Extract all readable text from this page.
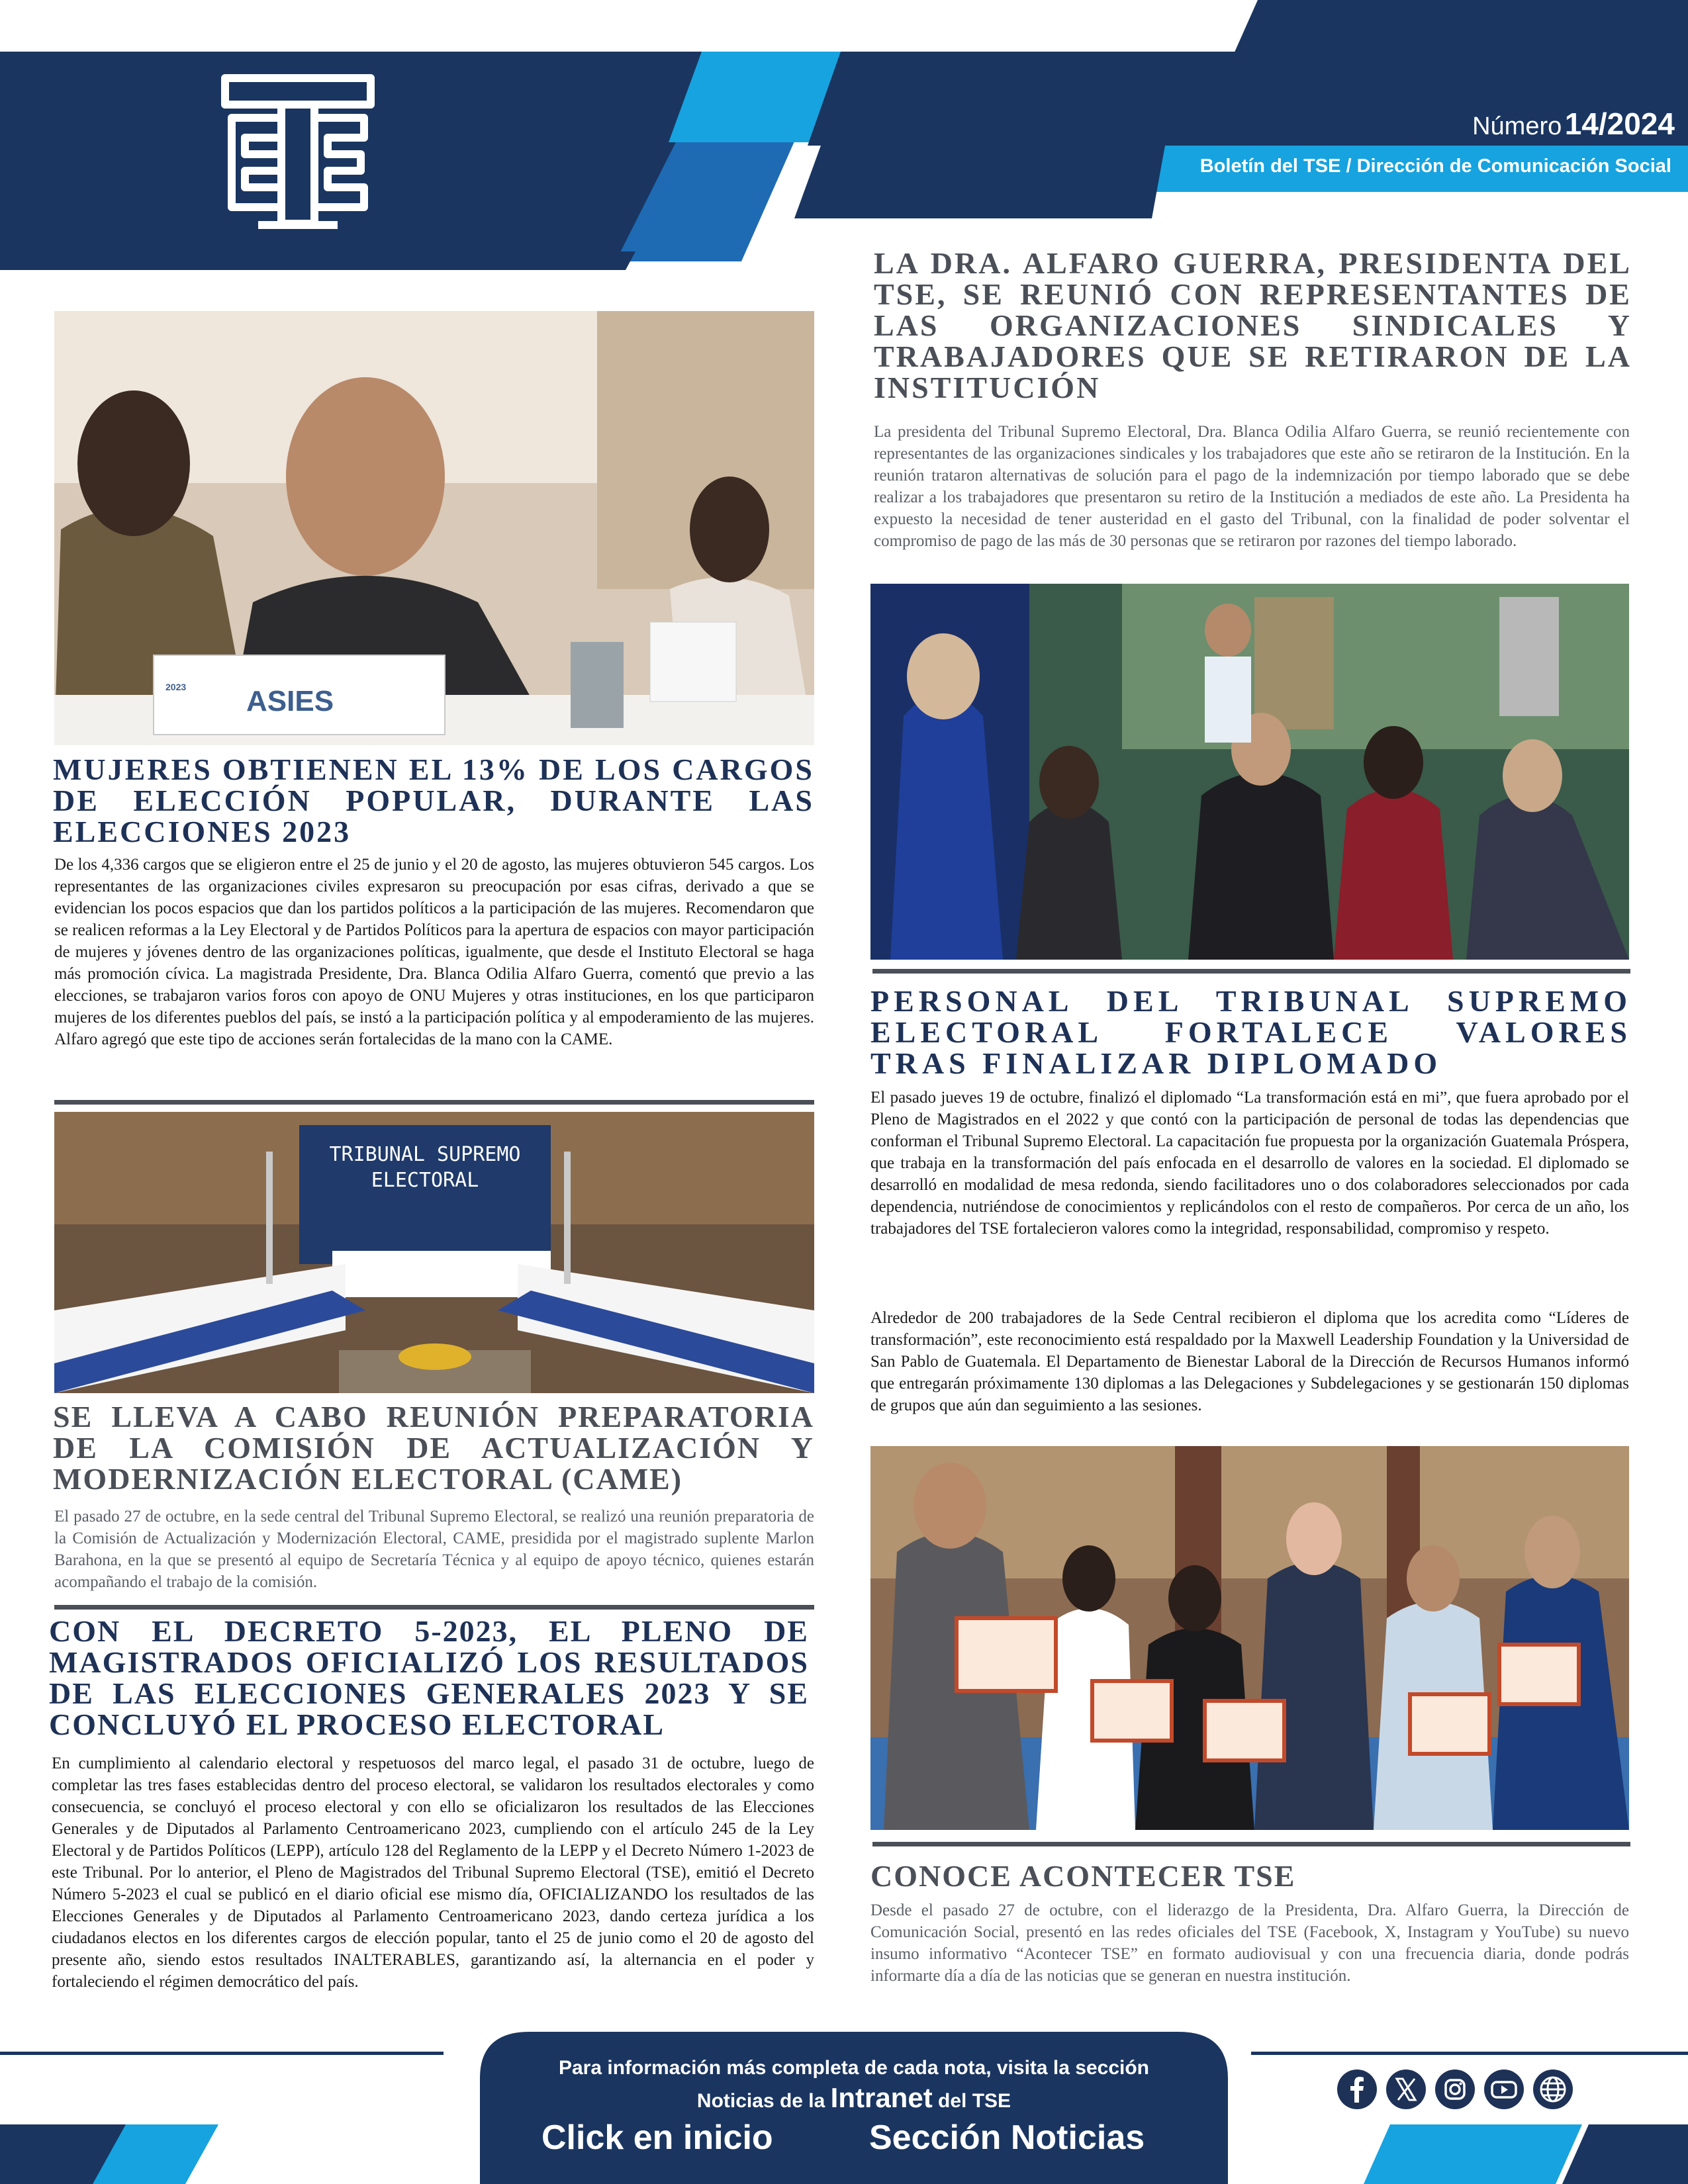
Número 14/2024
Boletín del TSE / Dirección de Comunicación Social
ASIES
2023
MUJERES OBTIENEN EL 13% DE LOS CARGOS DE ELECCIÓN POPULAR, DURANTE LAS ELECCIONES 2023

De los 4,336 cargos que se eligieron entre el 25 de junio y el 20 de agosto, las mujeres obtuvieron 545 cargos. Los representantes de las organizaciones civiles expresaron su preocupación por esas cifras, derivado a que se evidencian los pocos espacios que dan los partidos políticos a la participación de las mujeres. Recomendaron que se realicen reformas a la Ley Electoral y de Partidos Políticos para la apertura de espacios con mayor participación de mujeres y jóvenes dentro de las organizaciones políticas, igualmente, que desde el Instituto Electoral se haga más promoción cívica. La magistrada Presidente, Dra. Blanca Odilia Alfaro Guerra, comentó que previo a las elecciones, se trabajaron varios foros con apoyo de ONU Mujeres y otras instituciones, en los que participaron mujeres de los diferentes pueblos del país, se instó a la participación política y al empoderamiento de las mujeres. Alfaro agregó que este tipo de acciones serán fortalecidas de la mano con la CAME.

TRIBUNAL SUPREMO ELECTORAL
SE LLEVA A CABO REUNIÓN PREPARATORIA DE LA COMISIÓN DE ACTUALIZACIÓN Y MODERNIZACIÓN ELECTORAL (CAME)

El pasado 27 de octubre, en la sede central del Tribunal Supremo Electoral, se realizó una reunión preparatoria de la Comisión de Actualización y Modernización Electoral, CAME, presidida por el magistrado suplente Marlon Barahona, en la que se presentó al equipo de Secretaría Técnica y al equipo de apoyo técnico, quienes estarán acompañando el trabajo de la comisión.

CON EL DECRETO 5-2023, EL PLENO DE MAGISTRADOS OFICIALIZÓ LOS RESULTADOS DE LAS ELECCIONES GENERALES 2023 Y SE CONCLUYÓ EL PROCESO ELECTORAL

En cumplimiento al calendario electoral y respetuosos del marco legal, el pasado 31 de octubre, luego de completar las tres fases establecidas dentro del proceso electoral, se validaron los resultados electorales y como consecuencia, se concluyó el proceso electoral y con ello se oficializaron los resultados de las Elecciones Generales y de Diputados al Parlamento Centroamericano 2023, cumpliendo con el artículo 245 de la Ley Electoral y de Partidos Políticos (LEPP), artículo 128 del Reglamento de la LEPP y el Decreto Número 1-2023 de este Tribunal. Por lo anterior, el Pleno de Magistrados del Tribunal Supremo Electoral (TSE), emitió el Decreto Número 5-2023 el cual se publicó en el diario oficial ese mismo día, OFICIALIZANDO los resultados de las Elecciones Generales y de Diputados al Parlamento Centroamericano 2023, dando certeza jurídica a los ciudadanos electos en los diferentes cargos de elección popular, tanto el 25 de junio como el 20 de agosto del presente año, siendo estos resultados INALTERABLES, garantizando así, la alternancia en el poder y fortaleciendo el régimen democrático del país.

LA DRA. ALFARO GUERRA, PRESIDENTA DEL TSE, SE REUNIÓ CON REPRESENTANTES DE LAS ORGANIZACIONES SINDICALES Y TRABAJADORES QUE SE RETIRARON DE LA INSTITUCIÓN

La presidenta del Tribunal Supremo Electoral, Dra. Blanca Odilia Alfaro Guerra, se reunió recientemente con representantes de las organizaciones sindicales y los trabajadores que este año se retiraron de la Institución. En la reunión trataron alternativas de solución para el pago de la indemnización por tiempo laborado que se debe realizar a los trabajadores que presentaron su retiro de la Institución a mediados de este año. La Presidenta ha expuesto la necesidad de tener austeridad en el gasto del Tribunal, con la finalidad de poder solventar el compromiso de pago de las más de 30 personas que se retiraron por razones del tiempo laborado.

PERSONAL DEL TRIBUNAL SUPREMO ELECTORAL FORTALECE VALORES TRAS FINALIZAR DIPLOMADO

El pasado jueves 19 de octubre, finalizó el diplomado “La transformación está en mi”, que fuera aprobado por el Pleno de Magistrados en el 2022 y que contó con la participación de personal de todas las dependencias que conforman el Tribunal Supremo Electoral. La capacitación fue propuesta por la organización Guatemala Próspera, que trabaja en la transformación del país enfocada en el desarrollo de valores en la sociedad. El diplomado se desarrolló en modalidad de mesa redonda, siendo facilitadores uno o dos colaboradores seleccionados por cada dependencia, nutriéndose de conocimientos y replicándolos con el resto de compañeros. Por cerca de un año, los trabajadores del TSE fortalecieron valores como la integridad, responsabilidad, compromiso y respeto.

Alrededor de 200 trabajadores de la Sede Central recibieron el diploma que los acredita como “Líderes de transformación”, este reconocimiento está respaldado por la Maxwell Leadership Foundation y la Universidad de San Pablo de Guatemala. El Departamento de Bienestar Laboral de la Dirección de Recursos Humanos informó que entregarán próximamente 130 diplomas a las Delegaciones y Subdelegaciones y se gestionarán 150 diplomas de grupos que aún dan seguimiento a las sesiones.

CONOCE ACONTECER TSE

Desde el pasado 27 de octubre, con el liderazgo de la Presidenta, Dra. Alfaro Guerra, la Dirección de Comunicación Social, presentó en las redes oficiales del TSE (Facebook, X, Instagram y YouTube) su nuevo insumo informativo “Acontecer TSE” en formato audiovisual y con una frecuencia diaria, donde podrás informarte día a día de las noticias que se generan en nuestra institución.

Para información más completa de cada nota, visita la sección
Noticias de la Intranet del TSE
Click en inicio	Sección Noticias
